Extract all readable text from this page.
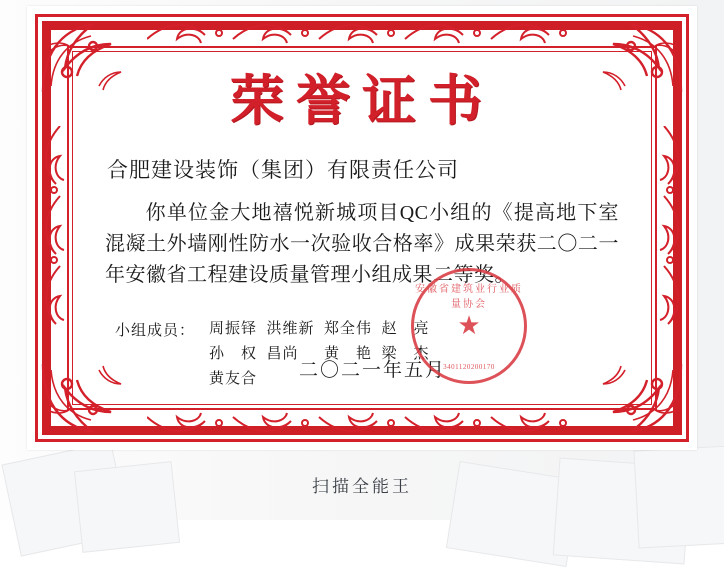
荣誉证书
合肥建设装饰（集团）有限责任公司
你单位金大地禧悦新城项目QC小组的《提高地下室混凝土外墙刚性防水一次验收合格率》成果荣获二〇二一年安徽省工程建设质量管理小组成果二等奖。
小组成员： 周振铎  洪维新  郑全伟  赵　亮
孙　权  昌尚　  黄　艳  梁　杰
黄友合	二〇二一年五月
安徽省建筑业行业质量协会
★
3401120200170
扫描全能王
